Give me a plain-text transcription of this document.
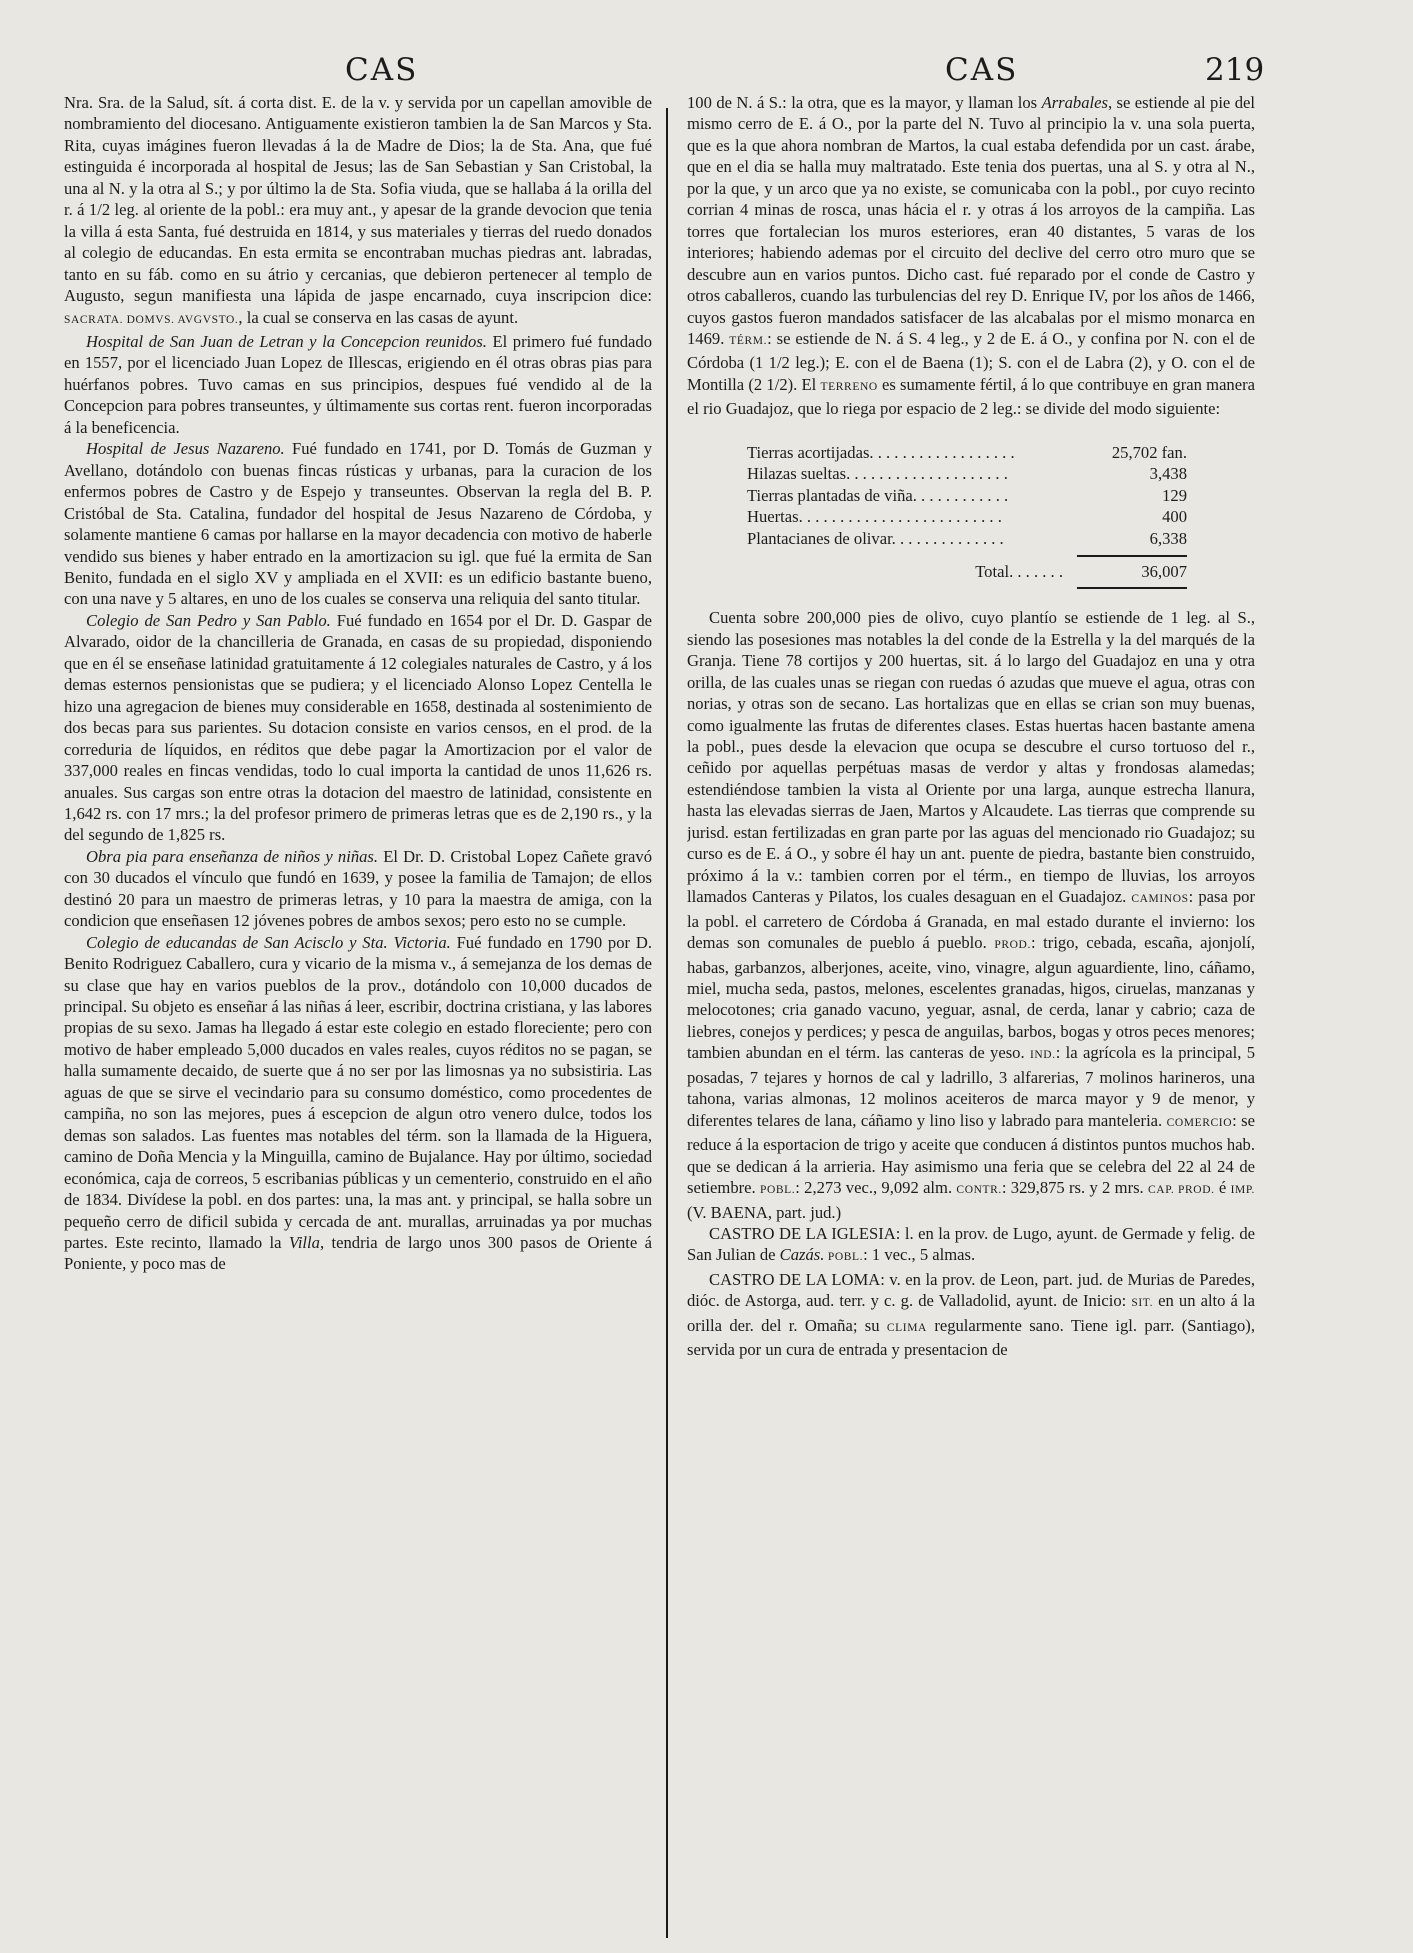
CAS	CAS	219

Nra. Sra. de la Salud, sít. á corta dist. E. de la v. y servida por un capellan amovible de nombramiento del diocesano. Antiguamente existieron tambien la de San Marcos y Sta. Rita, cuyas imágines fueron llevadas á la de Madre de Dios; la de Sta. Ana, que fué estinguida é incorporada al hospital de Jesus; las de San Sebastian y San Cristobal, la una al N. y la otra al S.; y por último la de Sta. Sofia viuda, que se hallaba á la orilla del r. á 1/2 leg. al oriente de la pobl.: era muy ant., y apesar de la grande devocion que tenia la villa á esta Santa, fué destruida en 1814, y sus materiales y tierras del ruedo donados al colegio de educandas. En esta ermita se encontraban muchas piedras ant. labradas, tanto en su fáb. como en su átrio y cercanias, que debieron pertenecer al templo de Augusto, segun manifiesta una lápida de jaspe encarnado, cuya inscripcion dice: SACRATA. DOMVS. AVGVSTO., la cual se conserva en las casas de ayunt.

Hospital de San Juan de Letran y la Concepcion reunidos. El primero fué fundado en 1557, por el licenciado Juan Lopez de Illescas, erigiendo en él otras obras pias para huérfanos pobres. Tuvo camas en sus principios, despues fué vendido al de la Concepcion para pobres transeuntes, y últimamente sus cortas rent. fueron incorporadas á la beneficencia.

Hospital de Jesus Nazareno. Fué fundado en 1741, por D. Tomás de Guzman y Avellano, dotándolo con buenas fincas rústicas y urbanas, para la curacion de los enfermos pobres de Castro y de Espejo y transeuntes. Observan la regla del B. P. Cristóbal de Sta. Catalina, fundador del hospital de Jesus Nazareno de Córdoba, y solamente mantiene 6 camas por hallarse en la mayor decadencia con motivo de haberle vendido sus bienes y haber entrado en la amortizacion su igl. que fué la ermita de San Benito, fundada en el siglo XV y ampliada en el XVII: es un edificio bastante bueno, con una nave y 5 altares, en uno de los cuales se conserva una reliquia del santo titular.

Colegio de San Pedro y San Pablo. Fué fundado en 1654 por el Dr. D. Gaspar de Alvarado, oidor de la chancilleria de Granada, en casas de su propiedad, disponiendo que en él se enseñase latinidad gratuitamente á 12 colegiales naturales de Castro, y á los demas esternos pensionistas que se pudiera; y el licenciado Alonso Lopez Centella le hizo una agregacion de bienes muy considerable en 1658, destinada al sostenimiento de dos becas para sus parientes. Su dotacion consiste en varios censos, en el prod. de la correduria de líquidos, en réditos que debe pagar la Amortizacion por el valor de 337,000 reales en fincas vendidas, todo lo cual importa la cantidad de unos 11,626 rs. anuales. Sus cargas son entre otras la dotacion del maestro de latinidad, consistente en 1,642 rs. con 17 mrs.; la del profesor primero de primeras letras que es de 2,190 rs., y la del segundo de 1,825 rs.

Obra pia para enseñanza de niños y niñas. El Dr. D. Cristobal Lopez Cañete gravó con 30 ducados el vínculo que fundó en 1639, y posee la familia de Tamajon; de ellos destinó 20 para un maestro de primeras letras, y 10 para la maestra de amiga, con la condicion que enseñasen 12 jóvenes pobres de ambos sexos; pero esto no se cumple.

Colegio de educandas de San Acisclo y Sta. Victoria. Fué fundado en 1790 por D. Benito Rodriguez Caballero, cura y vicario de la misma v., á semejanza de los demas de su clase que hay en varios pueblos de la prov., dotándolo con 10,000 ducados de principal. Su objeto es enseñar á las niñas á leer, escribir, doctrina cristiana, y las labores propias de su sexo. Jamas ha llegado á estar este colegio en estado floreciente; pero con motivo de haber empleado 5,000 ducados en vales reales, cuyos réditos no se pagan, se halla sumamente decaido, de suerte que á no ser por las limosnas ya no subsistiria. Las aguas de que se sirve el vecindario para su consumo doméstico, como procedentes de campiña, no son las mejores, pues á escepcion de algun otro venero dulce, todos los demas son salados. Las fuentes mas notables del térm. son la llamada de la Higuera, camino de Doña Mencia y la Minguilla, camino de Bujalance. Hay por último, sociedad económica, caja de correos, 5 escribanias públicas y un cementerio, construido en el año de 1834. Divídese la pobl. en dos partes: una, la mas ant. y principal, se halla sobre un pequeño cerro de dificil subida y cercada de ant. murallas, arruinadas ya por muchas partes. Este recinto, llamado la Villa, tendria de largo unos 300 pasos de Oriente á Poniente, y poco mas de

100 de N. á S.: la otra, que es la mayor, y llaman los Arrabales, se estiende al pie del mismo cerro de E. á O., por la parte del N. Tuvo al principio la v. una sola puerta, que es la que ahora nombran de Martos, la cual estaba defendida por un cast. árabe, que en el dia se halla muy maltratado. Este tenia dos puertas, una al S. y otra al N., por la que, y un arco que ya no existe, se comunicaba con la pobl., por cuyo recinto corrian 4 minas de rosca, unas hácia el r. y otras á los arroyos de la campiña. Las torres que fortalecian los muros esteriores, eran 40 distantes, 5 varas de los interiores; habiendo ademas por el circuito del declive del cerro otro muro que se descubre aun en varios puntos. Dicho cast. fué reparado por el conde de Castro y otros caballeros, cuando las turbulencias del rey D. Enrique IV, por los años de 1466, cuyos gastos fueron mandados satisfacer de las alcabalas por el mismo monarca en 1469. TÉRM.: se estiende de N. á S. 4 leg., y 2 de E. á O., y confina por N. con el de Córdoba (1 1/2 leg.); E. con el de Baena (1); S. con el de Labra (2), y O. con el de Montilla (2 1/2). El TERRENO es sumamente fértil, á lo que contribuye en gran manera el rio Guadajoz, que lo riega por espacio de 2 leg.: se divide del modo siguiente:

Tierras acortijadas. . . . . . . . . . . . . . . . . .	25,702 fan.
Hilazas sueltas. . . . . . . . . . . . . . . . . . . .	3,438
Tierras plantadas de viña. . . . . . . . . . . .	129
Huertas. . . . . . . . . . . . . . . . . . . . . . . . .	400
Plantacianes de olivar. . . . . . . . . . . . . .	6,338
Total. . . . . . .	36,007

Cuenta sobre 200,000 pies de olivo, cuyo plantío se estiende de 1 leg. al S., siendo las posesiones mas notables la del conde de la Estrella y la del marqués de la Granja. Tiene 78 cortijos y 200 huertas, sit. á lo largo del Guadajoz en una y otra orilla, de las cuales unas se riegan con ruedas ó azudas que mueve el agua, otras con norias, y otras son de secano. Las hortalizas que en ellas se crian son muy buenas, como igualmente las frutas de diferentes clases. Estas huertas hacen bastante amena la pobl., pues desde la elevacion que ocupa se descubre el curso tortuoso del r., ceñido por aquellas perpétuas masas de verdor y altas y frondosas alamedas; estendiéndose tambien la vista al Oriente por una larga, aunque estrecha llanura, hasta las elevadas sierras de Jaen, Martos y Alcaudete. Las tierras que comprende su jurisd. estan fertilizadas en gran parte por las aguas del mencionado rio Guadajoz; su curso es de E. á O., y sobre él hay un ant. puente de piedra, bastante bien construido, próximo á la v.: tambien corren por el térm., en tiempo de lluvias, los arroyos llamados Canteras y Pilatos, los cuales desaguan en el Guadajoz. CAMINOS: pasa por la pobl. el carretero de Córdoba á Granada, en mal estado durante el invierno: los demas son comunales de pueblo á pueblo. PROD.: trigo, cebada, escaña, ajonjolí, habas, garbanzos, alberjones, aceite, vino, vinagre, algun aguardiente, lino, cáñamo, miel, mucha seda, pastos, melones, escelentes granadas, higos, ciruelas, manzanas y melocotones; cria ganado vacuno, yeguar, asnal, de cerda, lanar y cabrio; caza de liebres, conejos y perdices; y pesca de anguilas, barbos, bogas y otros peces menores; tambien abundan en el térm. las canteras de yeso. IND.: la agrícola es la principal, 5 posadas, 7 tejares y hornos de cal y ladrillo, 3 alfarerias, 7 molinos harineros, una tahona, varias almonas, 12 molinos aceiteros de marca mayor y 9 de menor, y diferentes telares de lana, cáñamo y lino liso y labrado para manteleria. COMERCIO: se reduce á la esportacion de trigo y aceite que conducen á distintos puntos muchos hab. que se dedican á la arrieria. Hay asimismo una feria que se celebra del 22 al 24 de setiembre. POBL.: 2,273 vec., 9,092 alm. CONTR.: 329,875 rs. y 2 mrs. CAP. PROD. é IMP. (V. BAENA, part. jud.)

CASTRO DE LA IGLESIA: l. en la prov. de Lugo, ayunt. de Germade y felig. de San Julian de Cazás. POBL.: 1 vec., 5 almas.

CASTRO DE LA LOMA: v. en la prov. de Leon, part. jud. de Murias de Paredes, dióc. de Astorga, aud. terr. y c. g. de Valladolid, ayunt. de Inicio: SIT. en un alto á la orilla der. del r. Omaña; su CLIMA regularmente sano. Tiene igl. parr. (Santiago), servida por un cura de entrada y presentacion de
